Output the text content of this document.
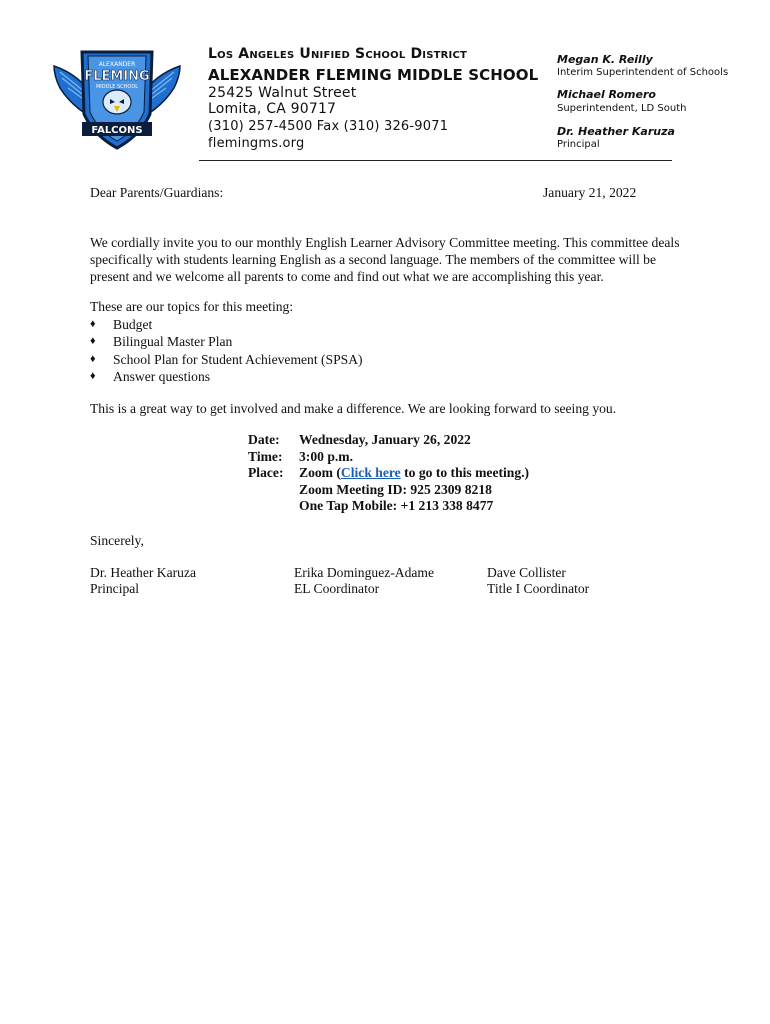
ALEXANDER
FLEMING
MIDDLE SCHOOL
FALCONS
Los Angeles Unified School District
ALEXANDER FLEMING MIDDLE SCHOOL
25425 Walnut Street
Lomita, CA 90717
(310) 257-4500 Fax (310) 326-9071
flemingms.org
Megan K. Reilly
Interim Superintendent of Schools
Michael Romero
Superintendent, LD South
Dr. Heather Karuza
Principal
Dear Parents/Guardians:	January 21, 2022
We cordially invite you to our monthly English Learner Advisory Committee meeting. This committee deals specifically with students learning English as a second language. The members of the committee will be present and we welcome all parents to come and find out what we are accomplishing this year.
These are our topics for this meeting:
♦	Budget
♦	Bilingual Master Plan
♦	School Plan for Student Achievement (SPSA)
♦	Answer questions
This is a great way to get involved and make a difference. We are looking forward to seeing you.
Date:	Wednesday, January 26, 2022
Time:	3:00 p.m.
Place:	Zoom (Click here to go to this meeting.)
Zoom Meeting ID: 925 2309 8218
One Tap Mobile: +1 213 338 8477
Sincerely,
Dr. Heather Karuza
Principal
Erika Dominguez-Adame
EL Coordinator
Dave Collister
Title I Coordinator
